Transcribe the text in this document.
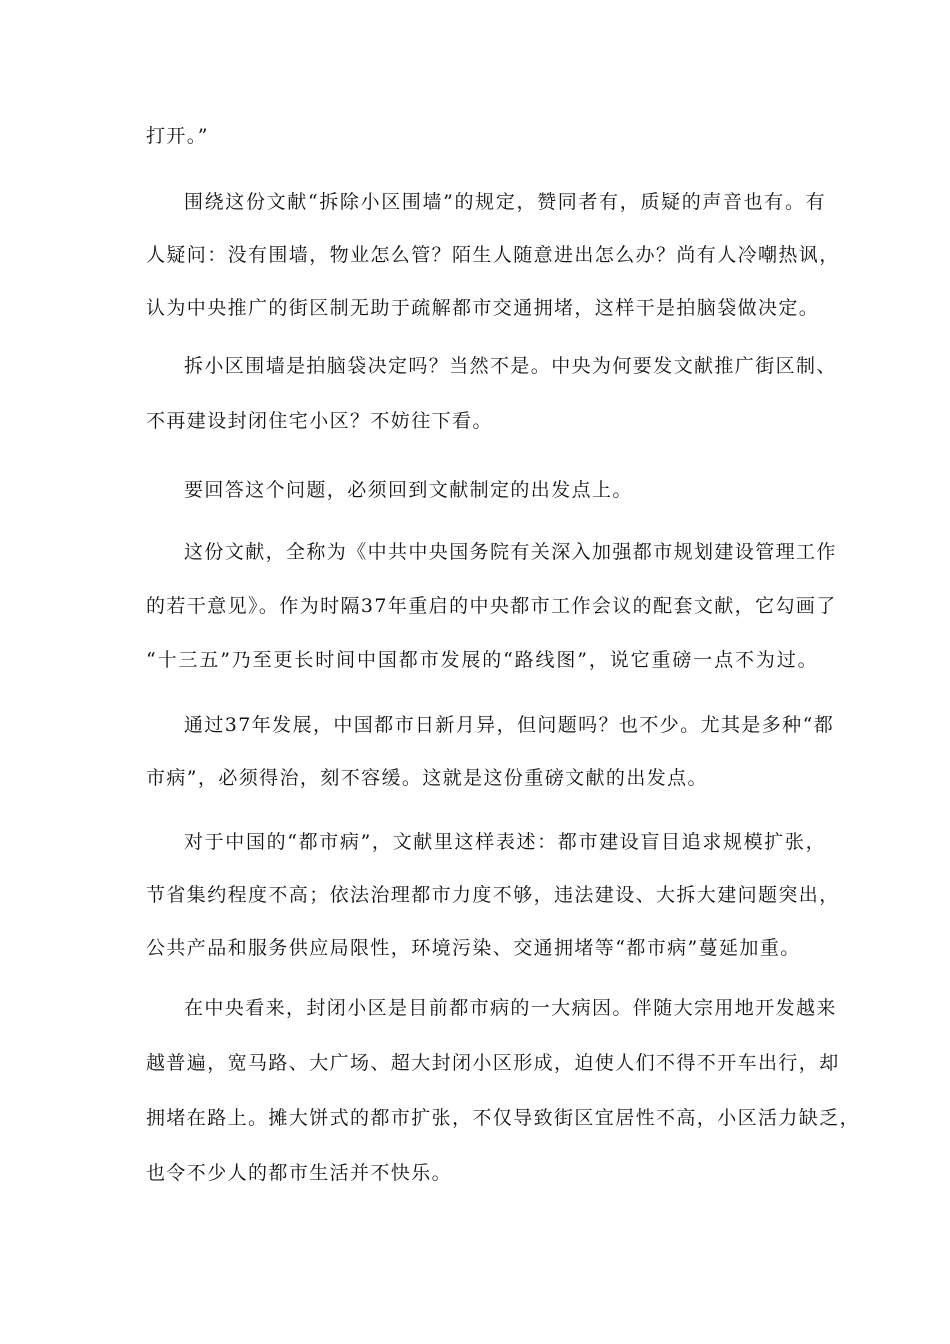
打开。”
围绕这份文献“拆除小区围墙”的规定，赞同者有，质疑的声音也有。有
人疑问：没有围墙，物业怎么管？陌生人随意进出怎么办？尚有人冷嘲热讽，
认为中央推广的街区制无助于疏解都市交通拥堵，这样干是拍脑袋做决定。
拆小区围墙是拍脑袋决定吗？当然不是。中央为何要发文献推广街区制、
不再建设封闭住宅小区？不妨往下看。
要回答这个问题，必须回到文献制定的出发点上。
这份文献，全称为《中共中央国务院有关深入加强都市规划建设管理工作
的若干意见》。作为时隔37年重启的中央都市工作会议的配套文献，它勾画了
“十三五”乃至更长时间中国都市发展的“路线图”，说它重磅一点不为过。
通过37年发展，中国都市日新月异，但问题吗？也不少。尤其是多种“都
市病”，必须得治，刻不容缓。这就是这份重磅文献的出发点。
对于中国的“都市病”，文献里这样表述：都市建设盲目追求规模扩张，
节省集约程度不高；依法治理都市力度不够，违法建设、大拆大建问题突出，
公共产品和服务供应局限性，环境污染、交通拥堵等“都市病”蔓延加重。
在中央看来，封闭小区是目前都市病的一大病因。伴随大宗用地开发越来
越普遍，宽马路、大广场、超大封闭小区形成，迫使人们不得不开车出行，却
拥堵在路上。摊大饼式的都市扩张，不仅导致街区宜居性不高，小区活力缺乏，
也令不少人的都市生活并不快乐。
